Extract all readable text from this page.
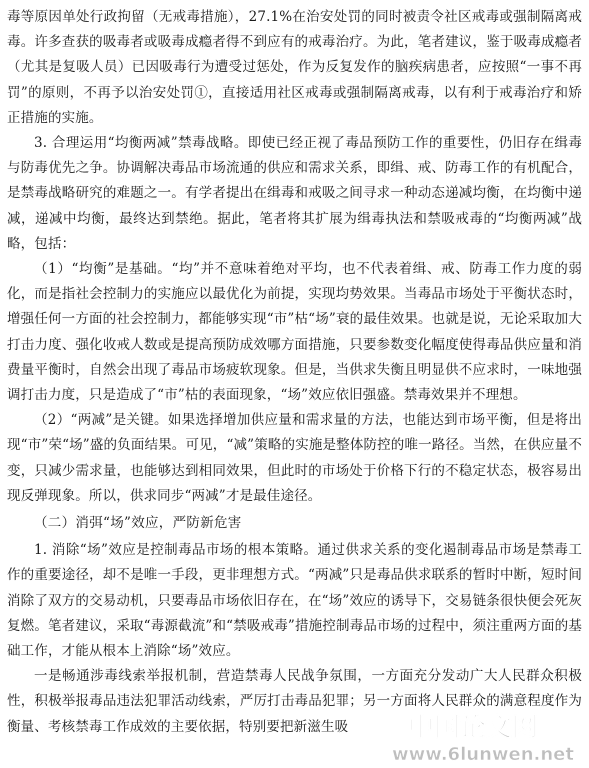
毒等原因单处行政拘留（无戒毒措施），27.1%在治安处罚的同时被责令社区戒毒或强制隔离戒毒。许多查获的吸毒者或吸毒成瘾者得不到应有的戒毒治疗。为此，笔者建议，鉴于吸毒成瘾者（尤其是复吸人员）已因吸毒行为遭受过惩处，作为反复发作的脑疾病患者，应按照“一事不再罚”的原则，不再予以治安处罚①，直接适用社区戒毒或强制隔离戒毒，以有利于戒毒治疗和矫正措施的实施。

3. 合理运用“均衡两减”禁毒战略。即使已经正视了毒品预防工作的重要性，仍旧存在缉毒与防毒优先之争。协调解决毒品市场流通的供应和需求关系，即缉、戒、防毒工作的有机配合，是禁毒战略研究的难题之一。有学者提出在缉毒和戒吸之间寻求一种动态递减均衡，在均衡中递减，递减中均衡，最终达到禁绝。据此，笔者将其扩展为缉毒执法和禁吸戒毒的“均衡两减”战略，包括：

（1）“均衡”是基础。“均”并不意味着绝对平均，也不代表着缉、戒、防毒工作力度的弱化，而是指社会控制力的实施应以最优化为前提，实现均势效果。当毒品市场处于平衡状态时，增强任何一方面的社会控制力，都能够实现“市”枯“场”衰的最佳效果。也就是说，无论采取加大打击力度、强化收戒人数或是提高预防成效哪方面措施，只要参数变化幅度使得毒品供应量和消费量平衡时，自然会出现了毒品市场疲软现象。但是，当供求失衡且明显供不应求时，一味地强调打击力度，只是造成了“市”枯的表面现象，“场”效应依旧强盛。禁毒效果并不理想。

（2）“两减”是关键。如果选择增加供应量和需求量的方法，也能达到市场平衡，但是将出现“市”荣“场”盛的负面结果。可见，“减”策略的实施是整体防控的唯一路径。当然，在供应量不变，只减少需求量，也能够达到相同效果，但此时的市场处于价格下行的不稳定状态，极容易出现反弹现象。所以，供求同步“两减”才是最佳途径。

（二）消弭“场”效应，严防新危害

1. 消除“场”效应是控制毒品市场的根本策略。通过供求关系的变化遏制毒品市场是禁毒工作的重要途径，却不是唯一手段，更非理想方式。“两减”只是毒品供求联系的暂时中断，短时间消除了双方的交易动机，只要毒品市场依旧存在，在“场”效应的诱导下，交易链条很快便会死灰复燃。笔者建议，采取“毒源截流”和“禁吸戒毒”措施控制毒品市场的过程中，须注重两方面的基础工作，才能从根本上消除“场”效应。

一是畅通涉毒线索举报机制，营造禁毒人民战争氛围，一方面充分发动广大人民群众积极性，积极举报毒品违法犯罪活动线索，严厉打击毒品犯罪；另一方面将人民群众的满意程度作为衡量、考核禁毒工作成效的主要依据，特别要把新滋生吸	中国论文网
www.6lunwen.net
